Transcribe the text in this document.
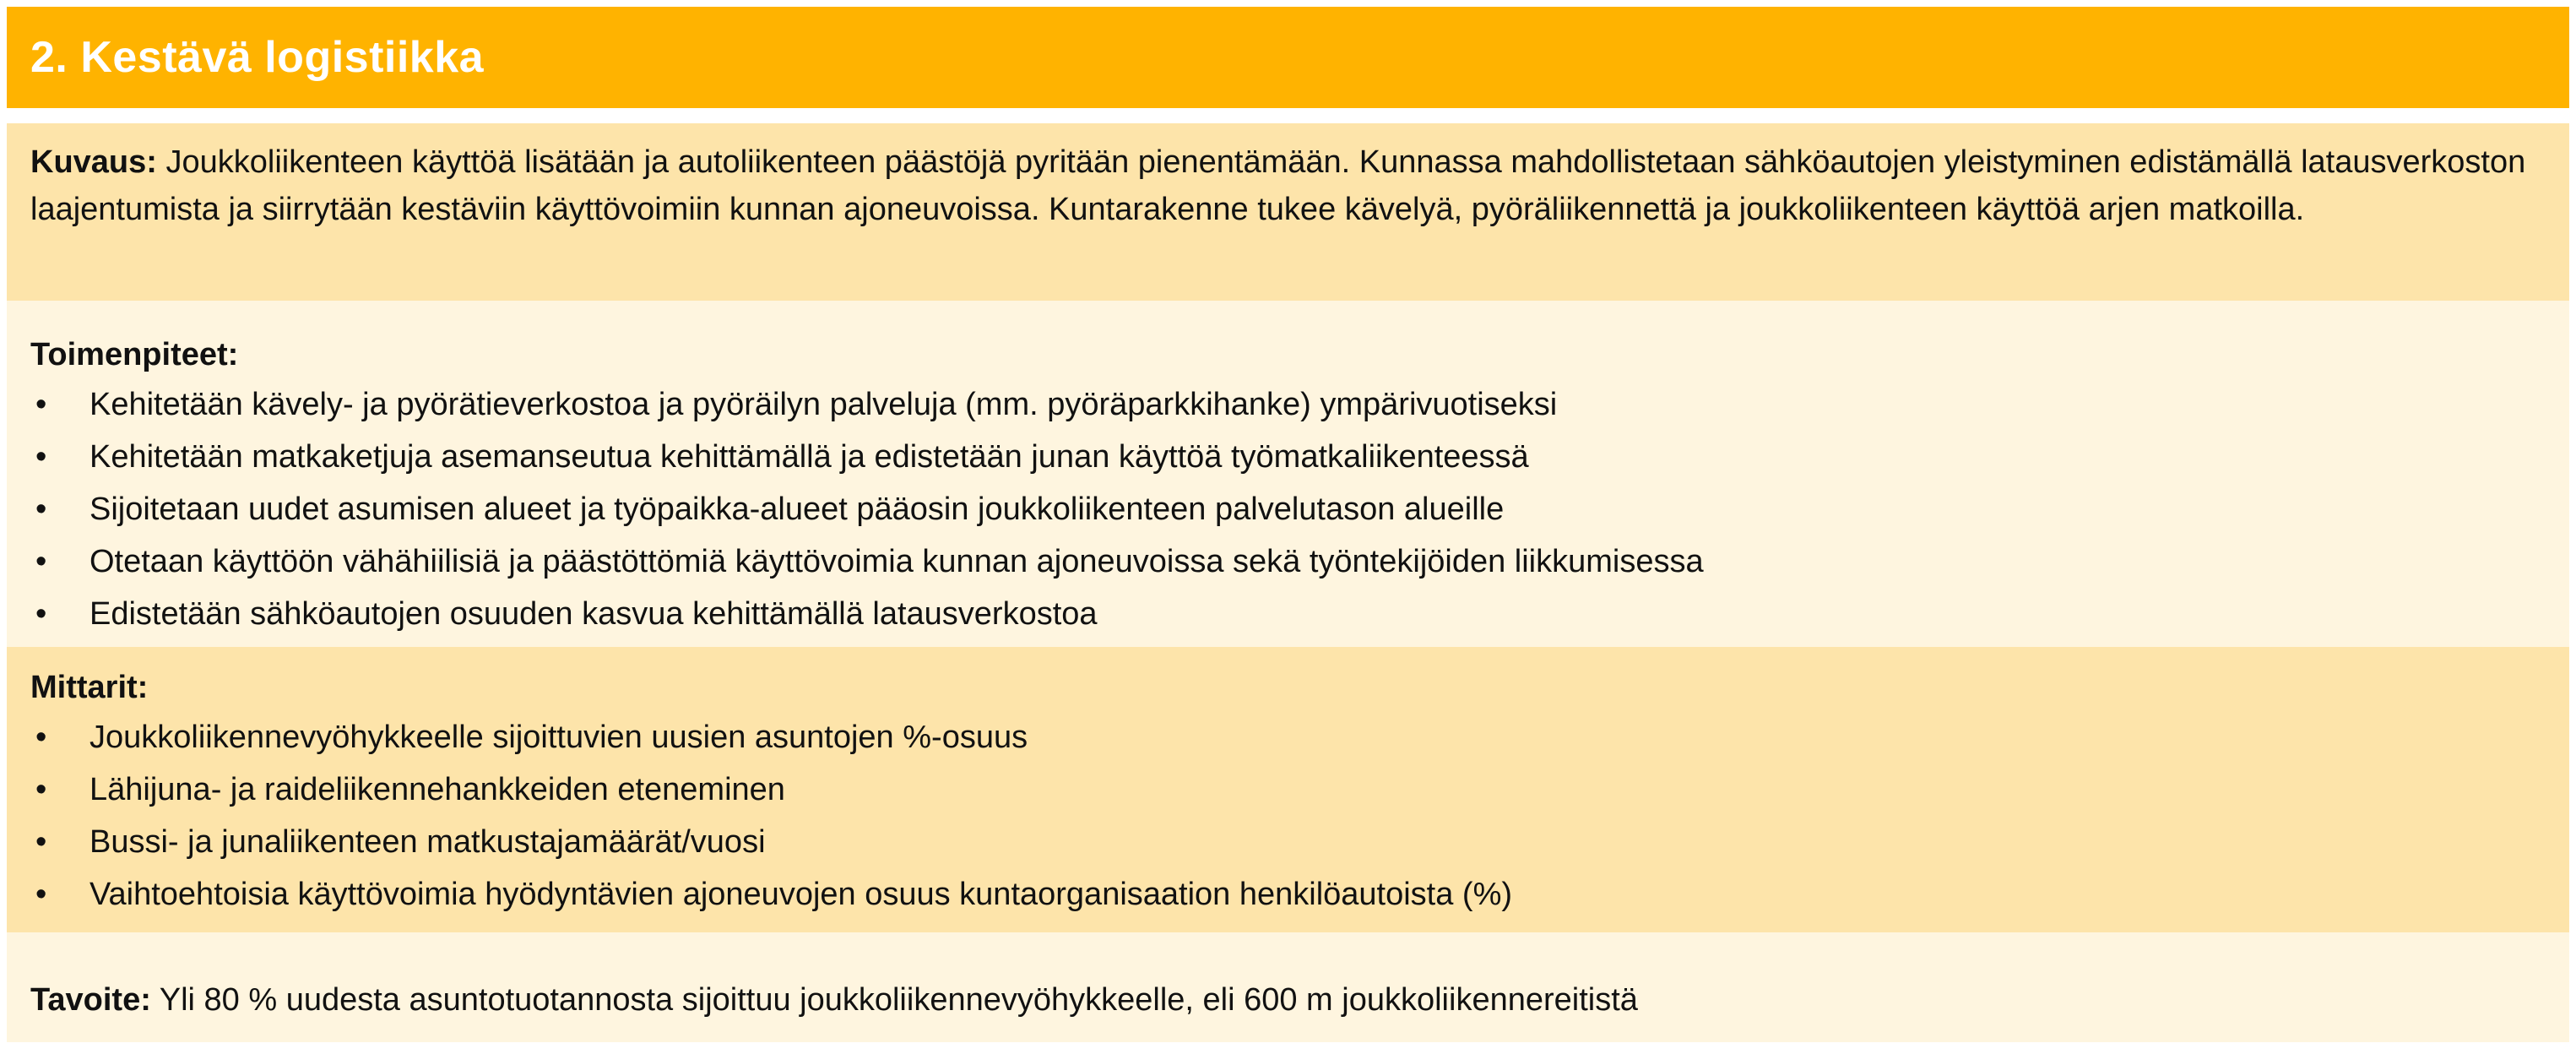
2. Kestävä logistiikka

Kuvaus: Joukkoliikenteen käyttöä lisätään ja autoliikenteen päästöjä pyritään pienentämään. Kunnassa mahdollistetaan sähköautojen yleistyminen edistämällä latausverkoston laajentumista ja siirrytään kestäviin käyttövoimiin kunnan ajoneuvoissa. Kuntarakenne tukee kävelyä, pyöräliikennettä ja joukkoliikenteen käyttöä arjen matkoilla.

Toimenpiteet:

• Kehitetään kävely- ja pyörätieverkostoa ja pyöräilyn palveluja (mm. pyöräparkkihanke) ympärivuotiseksi
• Kehitetään matkaketjuja asemanseutua kehittämällä ja edistetään junan käyttöä työmatkaliikenteessä
• Sijoitetaan uudet asumisen alueet ja työpaikka-alueet pääosin joukkoliikenteen palvelutason alueille
• Otetaan käyttöön vähähiilisiä ja päästöttömiä käyttövoimia kunnan ajoneuvoissa sekä työntekijöiden liikkumisessa
• Edistetään sähköautojen osuuden kasvua kehittämällä latausverkostoa

Mittarit:

• Joukkoliikennevyöhykkeelle sijoittuvien uusien asuntojen %-osuus
• Lähijuna- ja raideliikennehankkeiden eteneminen
• Bussi- ja junaliikenteen matkustajamäärät/vuosi
• Vaihtoehtoisia käyttövoimia hyödyntävien ajoneuvojen osuus kuntaorganisaation henkilöautoista (%)

Tavoite: Yli 80 % uudesta asuntotuotannosta sijoittuu joukkoliikennevyöhykkeelle, eli 600 m joukkoliikennereitistä
